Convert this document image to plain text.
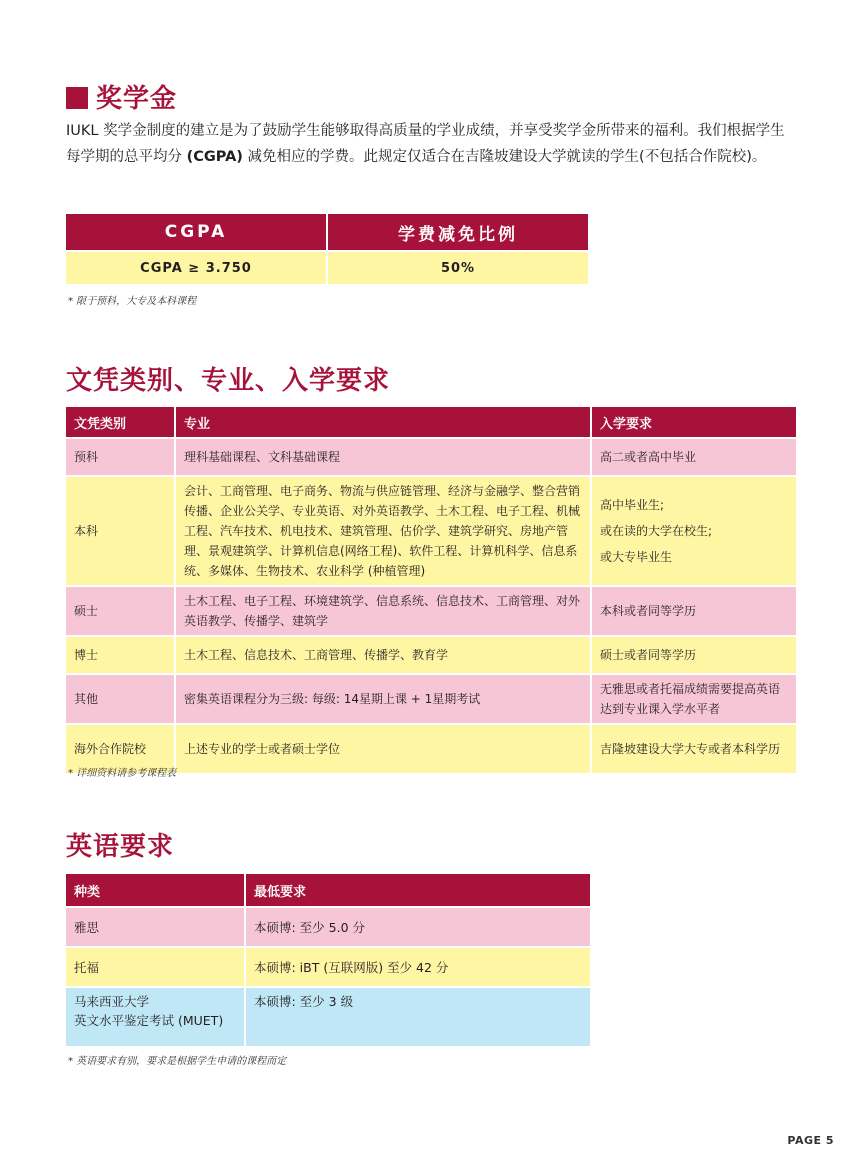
奖学金
IUKL 奖学金制度的建立是为了鼓励学生能够取得高质量的学业成绩，并享受奖学金所带来的福利。我们根据学生每学期的总平均分 (CGPA) 减免相应的学费。此规定仅适合在吉隆坡建设大学就读的学生(不包括合作院校)。
CGPA	学费减免比例
CGPA ≥ 3.750	50%
* 限于预科，大专及本科课程
文凭类别、专业、入学要求
文凭类别	专业	入学要求
预科	理科基础课程、文科基础课程	高二或者高中毕业
本科	会计、工商管理、电子商务、物流与供应链管理、经济与金融学、整合营销传播、企业公关学、专业英语、对外英语教学、土木工程、电子工程、机械工程、汽车技术、机电技术、建筑管理、估价学、建筑学研究、房地产管理、景观建筑学、计算机信息(网络工程)、软件工程、计算机科学、信息系统、多媒体、生物技术、农业科学 (种植管理)	高中毕业生;
或在读的大学在校生;
或大专毕业生
硕士	土木工程、电子工程、环境建筑学、信息系统、信息技术、工商管理、对外英语教学、传播学、建筑学	本科或者同等学历
博士	土木工程、信息技术、工商管理、传播学、教育学	硕士或者同等学历
其他	密集英语课程分为三级: 每级: 14星期上课 + 1星期考试	无雅思或者托福成绩需要提高英语达到专业课入学水平者
海外合作院校	上述专业的学士或者硕士学位	吉隆坡建设大学大专或者本科学历
* 详细资料请参考课程表
英语要求
种类	最低要求
雅思	本硕博: 至少 5.0 分
托福	本硕博: iBT (互联网版) 至少 42 分
马来西亚大学
英文水平鉴定考试 (MUET)	本硕博: 至少 3 级
* 英语要求有别，要求是根据学生申请的课程而定
PAGE 5
